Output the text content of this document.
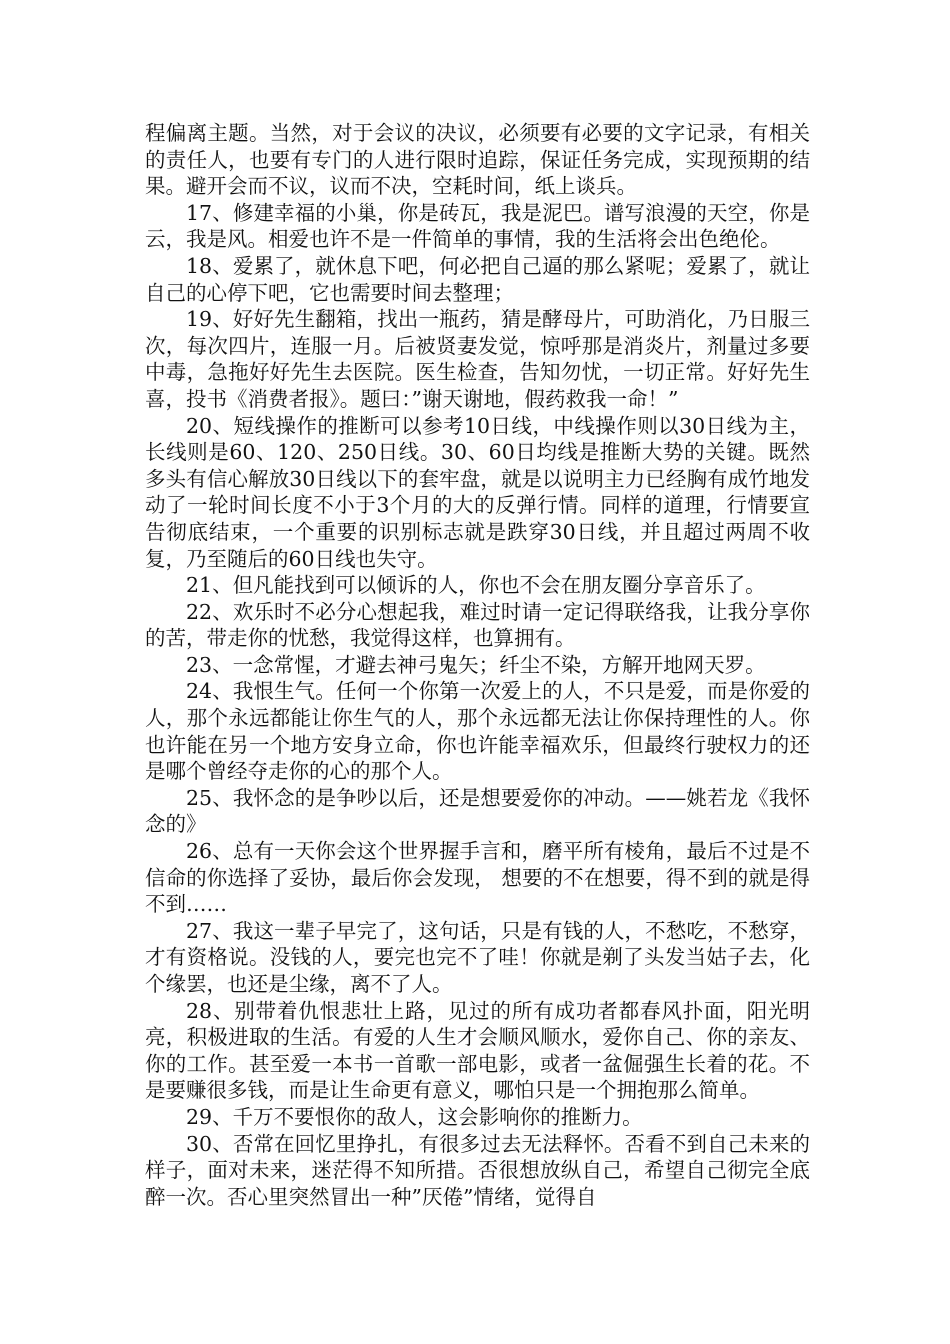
程偏离主题。当然，对于会议的决议，必须要有必要的文字记录，有相关的责任人，也要有专门的人进行限时追踪，保证任务完成，实现预期的结果。避开会而不议，议而不决，空耗时间，纸上谈兵。

17、修建幸福的小巢，你是砖瓦，我是泥巴。谱写浪漫的天空，你是云，我是风。相爱也许不是一件简单的事情，我的生活将会出色绝伦。

18、爱累了，就休息下吧，何必把自己逼的那么紧呢；爱累了，就让自己的心停下吧，它也需要时间去整理；

19、好好先生翻箱，找出一瓶药，猜是酵母片，可助消化，乃日服三次，每次四片，连服一月。后被贤妻发觉，惊呼那是消炎片，剂量过多要中毒，急拖好好先生去医院。医生检查，告知勿忧，一切正常。好好先生喜，投书《消费者报》。题曰：”谢天谢地，假药救我一命！”

20、短线操作的推断可以参考10日线，中线操作则以30日线为主，长线则是60、120、250日线。30、60日均线是推断大势的关键。既然多头有信心解放30日线以下的套牢盘，就是以说明主力已经胸有成竹地发动了一轮时间长度不小于3个月的大的反弹行情。同样的道理，行情要宣告彻底结束，一个重要的识别标志就是跌穿30日线，并且超过两周不收复，乃至随后的60日线也失守。

21、但凡能找到可以倾诉的人，你也不会在朋友圈分享音乐了。

22、欢乐时不必分心想起我，难过时请一定记得联络我，让我分享你的苦，带走你的忧愁，我觉得这样，也算拥有。

23、一念常惺，才避去神弓鬼矢；纤尘不染，方解开地网天罗。

24、我恨生气。任何一个你第一次爱上的人，不只是爱，而是你爱的人，那个永远都能让你生气的人，那个永远都无法让你保持理性的人。你也许能在另一个地方安身立命，你也许能幸福欢乐，但最终行驶权力的还是哪个曾经夺走你的心的那个人。

25、我怀念的是争吵以后，还是想要爱你的冲动。——姚若龙《我怀念的》

26、总有一天你会这个世界握手言和，磨平所有棱角，最后不过是不信命的你选择了妥协，最后你会发现， 想要的不在想要，得不到的就是得不到……

27、我这一辈子早完了，这句话，只是有钱的人，不愁吃，不愁穿，才有资格说。没钱的人，要完也完不了哇！你就是剃了头发当姑子去，化个缘罢，也还是尘缘，离不了人。

28、别带着仇恨悲壮上路，见过的所有成功者都春风扑面，阳光明亮，积极进取的生活。有爱的人生才会顺风顺水，爱你自己、你的亲友、你的工作。甚至爱一本书一首歌一部电影，或者一盆倔强生长着的花。不是要赚很多钱，而是让生命更有意义，哪怕只是一个拥抱那么简单。

29、千万不要恨你的敌人，这会影响你的推断力。

30、否常在回忆里挣扎，有很多过去无法释怀。否看不到自己未来的样子，面对未来，迷茫得不知所措。否很想放纵自己，希望自己彻完全底醉一次。否心里突然冒出一种”厌倦”情绪，觉得自
